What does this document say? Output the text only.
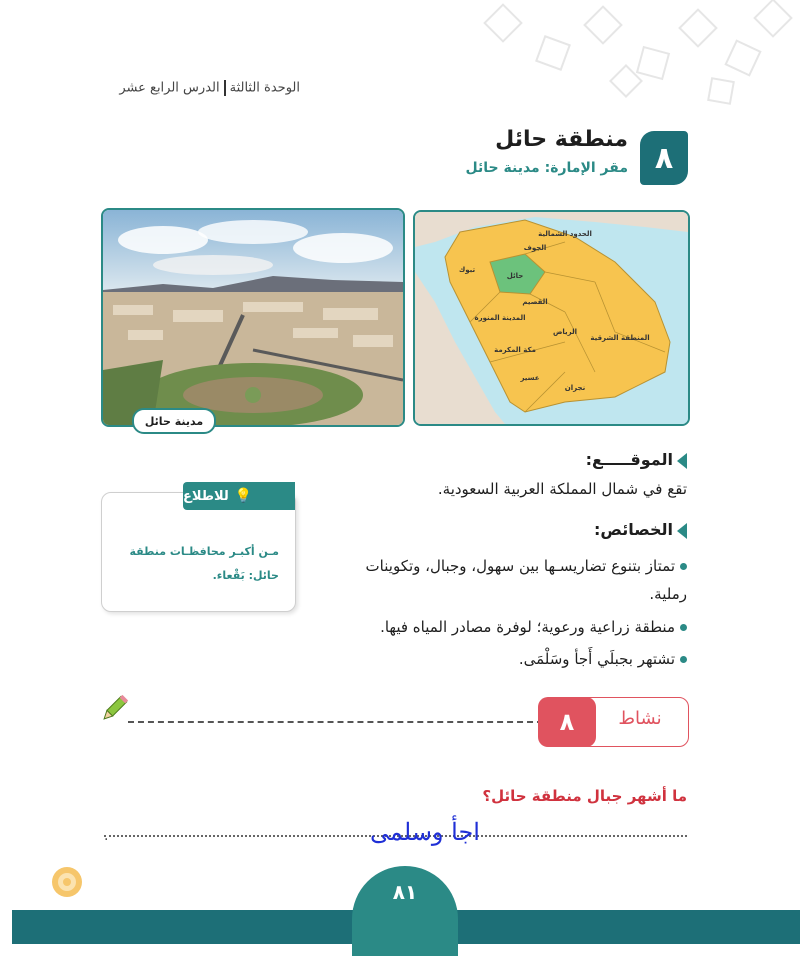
الوحدة الثالثةالدرس الرابع عشر
٨
منطقة حائل
مقر الإمارة: مدينة حائل
مدينة حائل
الجوف
الحدود الشمالية
تبوك
حائل
القصيم
المدينة المنورة
الرياض
المنطقة الشرقية
مكة المكرمة
عسير
نجران
الموقـــــع:
تقع في شمال المملكة العربية السعودية.
الخصائص:
تمتاز بتنوع تضاريسـها بين سهول، وجبال، وتكوينات رملية.
منطقة زراعية ورعوية؛ لوفرة مصادر المياه فيها.
تشتهر بجبلَي أَجأ وسَلْمَى.
💡
للاطلاع
مـن أكبـر محافظـات منطقة
حائل: بَقْعاء.
نشاط
٨
ما أشهر جبال منطقة حائل؟
اجأ وسلمى
.
٨١
